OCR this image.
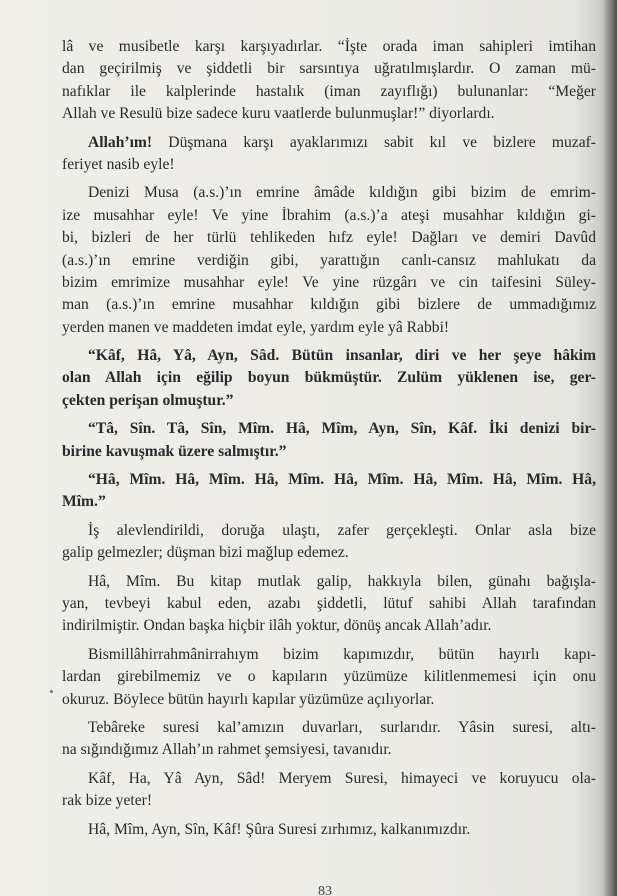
lâ ve musibetle karşı karşıyadırlar. “İşte orada iman sahipleri imtihan
dan geçirilmiş ve şiddetli bir sarsıntıya uğratılmışlardır. O zaman mü-
nafıklar ile kalplerinde hastalık (iman zayıflığı) bulunanlar: “Meğer
Allah ve Resulü bize sadece kuru vaatlerde bulunmuşlar!” diyorlardı.
Allah’ım! Düşmana karşı ayaklarımızı sabit kıl ve bizlere muzaf-
feriyet nasib eyle!
Denizi Musa (a.s.)’ın emrine âmâde kıldığın gibi bizim de emrim-
ize musahhar eyle! Ve yine İbrahim (a.s.)’a ateşi musahhar kıldığın gi-
bi, bizleri de her türlü tehlikeden hıfz eyle! Dağları ve demiri Davûd
(a.s.)’ın emrine verdiğin gibi, yarattığın canlı-cansız mahlukatı da
bizim emrimize musahhar eyle! Ve yine rüzgârı ve cin taifesini Süley-
man (a.s.)’ın emrine musahhar kıldığın gibi bizlere de ummadığımız
yerden manen ve maddeten imdat eyle, yardım eyle yâ Rabbi!
“Kâf, Hâ, Yâ, Ayn, Sâd. Bütün insanlar, diri ve her şeye hâkim
olan Allah için eğilip boyun bükmüştür. Zulüm yüklenen ise, ger-
çekten perişan olmuştur.”
“Tâ, Sîn. Tâ, Sîn, Mîm. Hâ, Mîm, Ayn, Sîn, Kâf. İki denizi bir-
birine kavuşmak üzere salmıştır.”
“Hâ, Mîm. Hâ, Mîm. Hâ, Mîm. Hâ, Mîm. Hâ, Mîm. Hâ, Mîm. Hâ,
Mîm.”
İş alevlendirildi, doruğa ulaştı, zafer gerçekleşti. Onlar asla bize
galip gelmezler; düşman bizi mağlup edemez.
Hâ, Mîm. Bu kitap mutlak galip, hakkıyla bilen, günahı bağışla-
yan, tevbeyi kabul eden, azabı şiddetli, lütuf sahibi Allah tarafından
indirilmiştir. Ondan başka hiçbir ilâh yoktur, dönüş ancak Allah’adır.
Bismillâhirrahmânirrahıym bizim kapımızdır, bütün hayırlı kapı-
lardan girebilmemiz ve o kapıların yüzümüze kilitlenmemesi için onu
okuruz. Böylece bütün hayırlı kapılar yüzümüze açılıyorlar.
Tebâreke suresi kal’amızın duvarları, surlarıdır. Yâsin suresi, altı-
na sığındığımız Allah’ın rahmet şemsiyesi, tavanıdır.
Kâf, Ha, Yâ Ayn, Sâd! Meryem Suresi, himayeci ve koruyucu ola-
rak bize yeter!
Hâ, Mîm, Ayn, Sîn, Kâf! Şûra Suresi zırhımız, kalkanımızdır.
83
